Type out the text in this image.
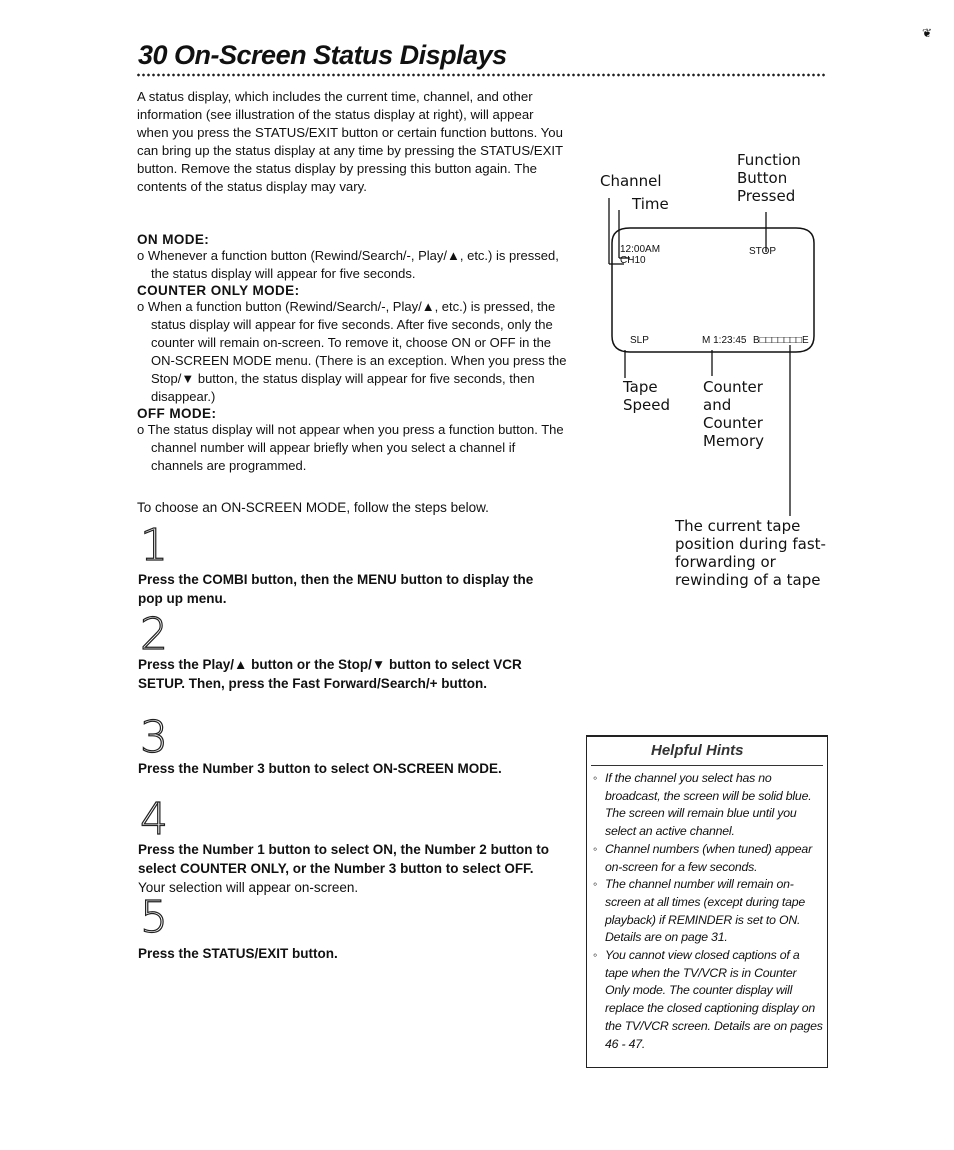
30 On-Screen Status Displays
❦
A status display, which includes the current time, channel, and other information (see illustration of the status display at right), will appear when you press the STATUS/EXIT button or certain function buttons. You can bring up the status display at any time by pressing the STATUS/EXIT button. Remove the status display by pressing this button again. The contents of the status display may vary.

ON MODE:

o Whenever a function button (Rewind/Search/-, Play/▲, etc.) is pressed, the status display will appear for five seconds.

COUNTER ONLY MODE:

o When a function button (Rewind/Search/-, Play/▲, etc.) is pressed, the status display will appear for five seconds. After five seconds, only the counter will remain on-screen. To remove it, choose ON or OFF in the ON-SCREEN MODE menu. (There is an exception. When you press the Stop/▼ button, the status display will appear for five seconds, then disappear.)

OFF MODE:

o The status display will not appear when you press a function button. The channel number will appear briefly when you select a channel if channels are programmed.

To choose an ON-SCREEN MODE, follow the steps below.
1
Press the COMBI button, then the MENU button to display the pop up menu.
2
Press the Play/▲ button or the Stop/▼ button to select VCR SETUP. Then, press the Fast Forward/Search/+ button.
3
Press the Number 3 button to select ON-SCREEN MODE.
4
Press the Number 1 button to select ON, the Number 2 button to select COUNTER ONLY, or the Number 3 button to select OFF. Your selection will appear on-screen.
5
Press the STATUS/EXIT button.
Channel
Time
Function
Button
Pressed
12:00AM
CH10
STOP
SLP	M 1:23:45 B□□□□□□□E
Tape
Speed
Counter
and
Counter
Memory
The current tape
position during fast-
forwarding or
rewinding of a tape
Helpful Hints
◦ If the channel you select has no broadcast, the screen will be solid blue. The screen will remain blue until you select an active channel.
◦ Channel numbers (when tuned) appear on-screen for a few seconds.
◦ The channel number will remain on-screen at all times (except during tape playback) if REMINDER is set to ON. Details are on page 31.
◦ You cannot view closed captions of a tape when the TV/VCR is in Counter Only mode. The counter display will replace the closed captioning display on the TV/VCR screen. Details are on pages 46 - 47.
